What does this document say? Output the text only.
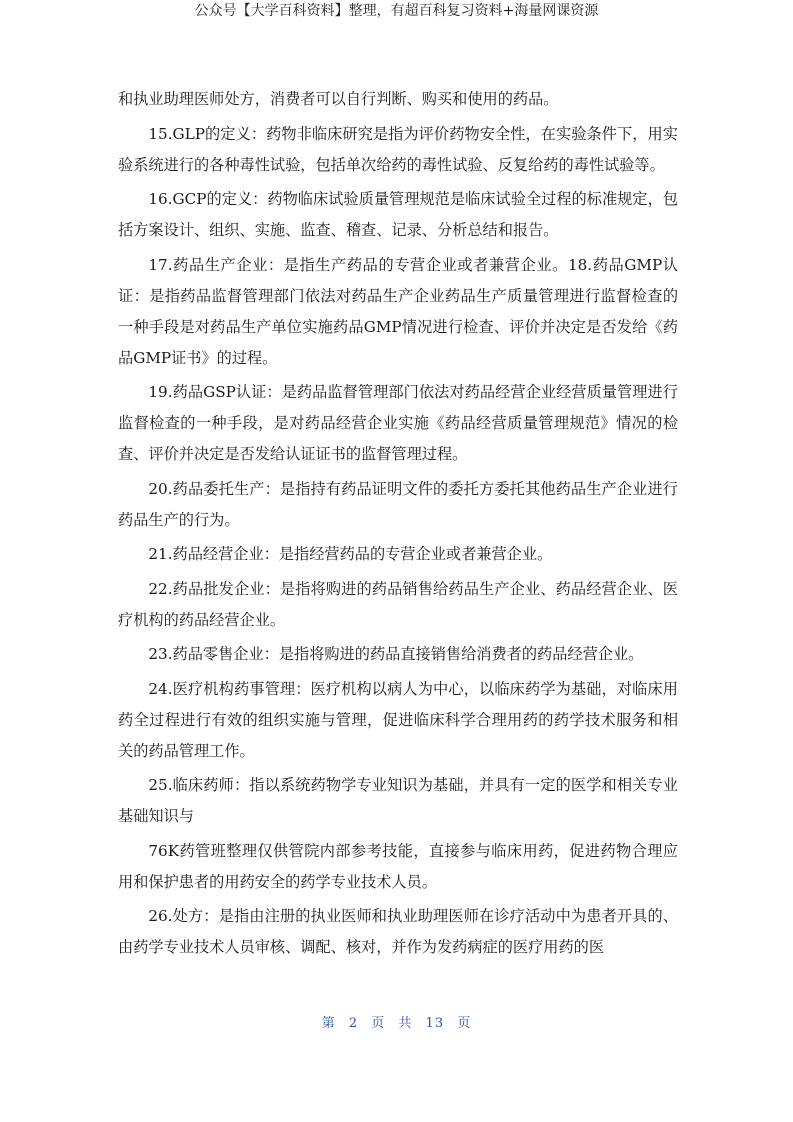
公众号【大学百科资料】整理，有超百科复习资料+海量网课资源

和执业助理医师处方，消费者可以自行判断、购买和使用的药品。

15.GLP的定义：药物非临床研究是指为评价药物安全性，在实验条件下，用实验系统进行的各种毒性试验，包括单次给药的毒性试验、反复给药的毒性试验等。

16.GCP的定义：药物临床试验质量管理规范是临床试验全过程的标准规定，包括方案设计、组织、实施、监查、稽查、记录、分析总结和报告。

17.药品生产企业：是指生产药品的专营企业或者兼营企业。18.药品GMP认证：是指药品监督管理部门依法对药品生产企业药品生产质量管理进行监督检查的一种手段是对药品生产单位实施药品GMP情况进行检查、评价并决定是否发给《药品GMP证书》的过程。

19.药品GSP认证：是药品监督管理部门依法对药品经营企业经营质量管理进行监督检查的一种手段，是对药品经营企业实施《药品经营质量管理规范》情况的检查、评价并决定是否发给认证证书的监督管理过程。

20.药品委托生产：是指持有药品证明文件的委托方委托其他药品生产企业进行药品生产的行为。

21.药品经营企业：是指经营药品的专营企业或者兼营企业。

22.药品批发企业：是指将购进的药品销售给药品生产企业、药品经营企业、医疗机构的药品经营企业。

23.药品零售企业：是指将购进的药品直接销售给消费者的药品经营企业。

24.医疗机构药事管理：医疗机构以病人为中心，以临床药学为基础，对临床用药全过程进行有效的组织实施与管理，促进临床科学合理用药的药学技术服务和相关的药品管理工作。

25.临床药师：指以系统药物学专业知识为基础，并具有一定的医学和相关专业基础知识与

76K药管班整理仅供管院内部参考技能，直接参与临床用药，促进药物合理应用和保护患者的用药安全的药学专业技术人员。

26.处方：是指由注册的执业医师和执业助理医师在诊疗活动中为患者开具的、由药学专业技术人员审核、调配、核对，并作为发药病症的医疗用药的医

第 2 页 共 13 页
